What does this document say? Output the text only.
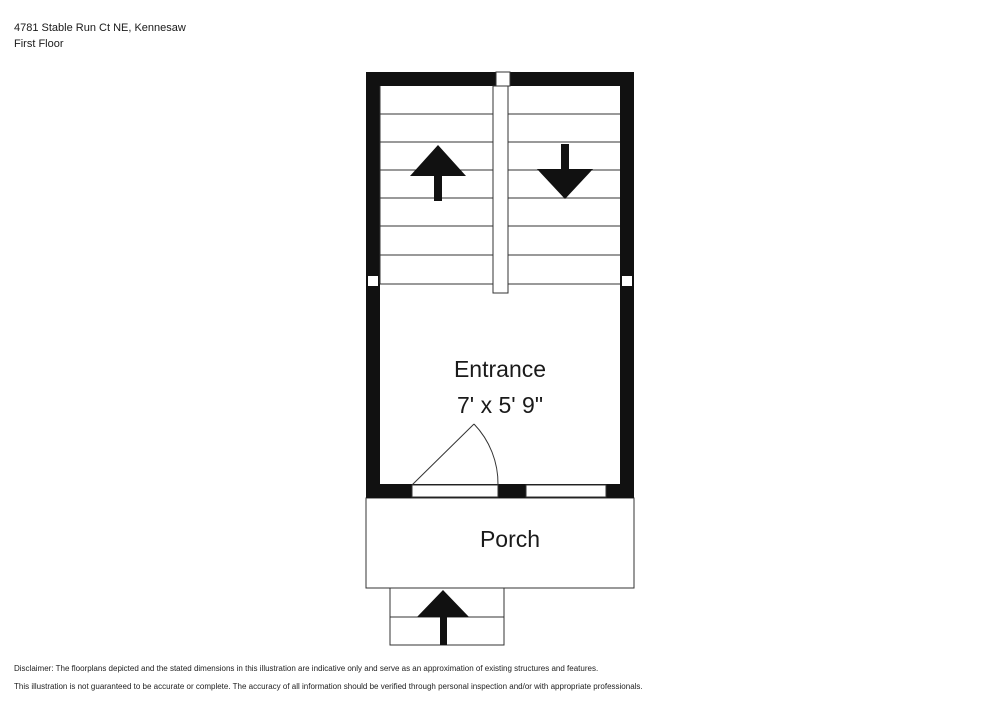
4781 Stable Run Ct NE, Kennesaw
First Floor
Entrance
7' x 5' 9"
Porch
Disclaimer: The floorplans depicted and the stated dimensions in this illustration are indicative only and serve as an approximation of existing structures and features.
This illustration is not guaranteed to be accurate or complete. The accuracy of all information should be verified through personal inspection and/or with appropriate professionals.
